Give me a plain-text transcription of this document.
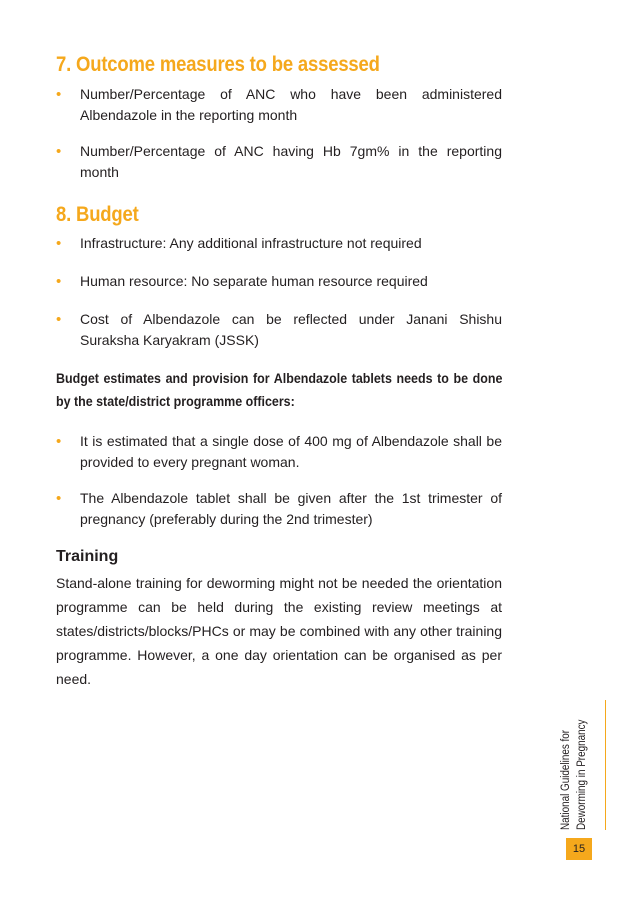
7. Outcome measures to be assessed
• Number/Percentage of ANC who have been administered Albendazole in the reporting month
• Number/Percentage of ANC having Hb 7gm% in the reporting month
8. Budget
• Infrastructure: Any additional infrastructure not required
• Human resource: No separate human resource required
• Cost of Albendazole can be reflected under Janani Shishu Suraksha Karyakram (JSSK)
Budget estimates and provision for Albendazole tablets needs to be done by the state/district programme officers:
• It is estimated that a single dose of 400 mg of Albendazole shall be provided to every pregnant woman.
• The Albendazole tablet shall be given after the 1st trimester of pregnancy (preferably during the 2nd trimester)
Training

Stand-alone training for deworming might not be needed the orientation programme can be held during the existing review meetings at states/districts/blocks/PHCs or may be combined with any other training programme. However, a one day orientation can be organised as per need.

National Guidelines for Deworming in Pregnancy
15
